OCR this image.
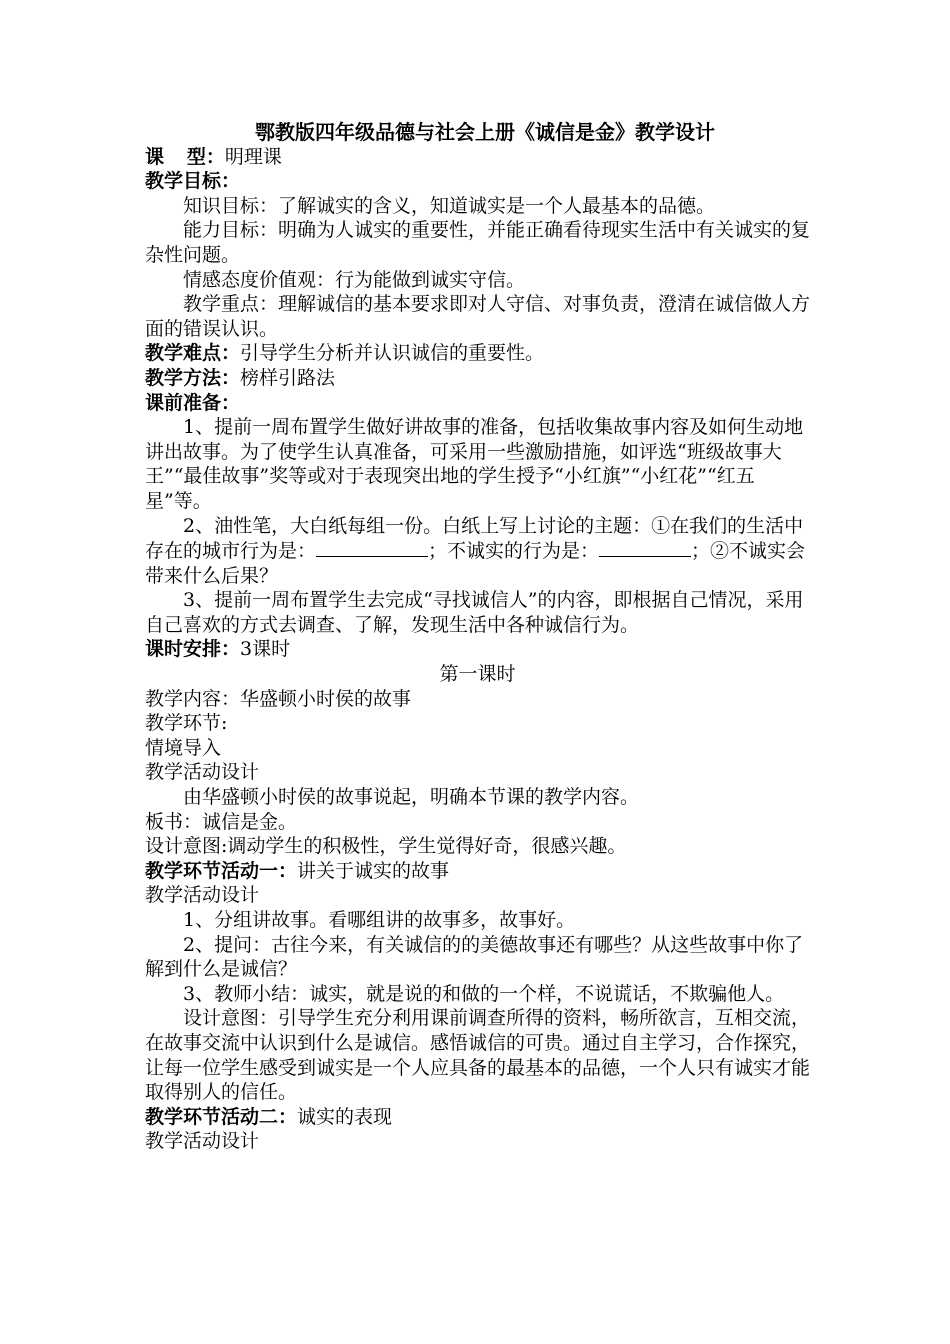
鄂教版四年级品德与社会上册《诚信是金》教学设计

课型：明理课

教学目标：

知识目标：了解诚实的含义，知道诚实是一个人最基本的品德。

能力目标：明确为人诚实的重要性，并能正确看待现实生活中有关诚实的复杂性问题。

情感态度价值观：行为能做到诚实守信。

教学重点：理解诚信的基本要求即对人守信、对事负责，澄清在诚信做人方面的错误认识。

教学难点：引导学生分析并认识诚信的重要性。

教学方法：榜样引路法

课前准备：

1、提前一周布置学生做好讲故事的准备，包括收集故事内容及如何生动地讲出故事。为了使学生认真准备，可采用一些激励措施，如评选“班级故事大王”“最佳故事”奖等或对于表现突出地的学生授予“小红旗”“小红花”“红五星”等。

2、油性笔，大白纸每组一份。白纸上写上讨论的主题：①在我们的生活中存在的城市行为是：	；不诚实的行为是：	；②不诚实会带来什么后果？

3、提前一周布置学生去完成“寻找诚信人”的内容，即根据自己情况，采用自己喜欢的方式去调查、了解，发现生活中各种诚信行为。

课时安排：3课时

第一课时

教学内容：华盛顿小时侯的故事

教学环节:

情境导入

教学活动设计

由华盛顿小时侯的故事说起，明确本节课的教学内容。

板书：诚信是金。

设计意图:调动学生的积极性，学生觉得好奇，很感兴趣。

教学环节活动一：讲关于诚实的故事

教学活动设计

1、分组讲故事。看哪组讲的故事多，故事好。

2、提问：古往今来，有关诚信的的美德故事还有哪些？从这些故事中你了解到什么是诚信？

3、教师小结：诚实，就是说的和做的一个样，不说谎话，不欺骗他人。

设计意图：引导学生充分利用课前调查所得的资料，畅所欲言，互相交流，在故事交流中认识到什么是诚信。感悟诚信的可贵。通过自主学习，合作探究，让每一位学生感受到诚实是一个人应具备的最基本的品德，一个人只有诚实才能取得别人的信任。

教学环节活动二：诚实的表现

教学活动设计
